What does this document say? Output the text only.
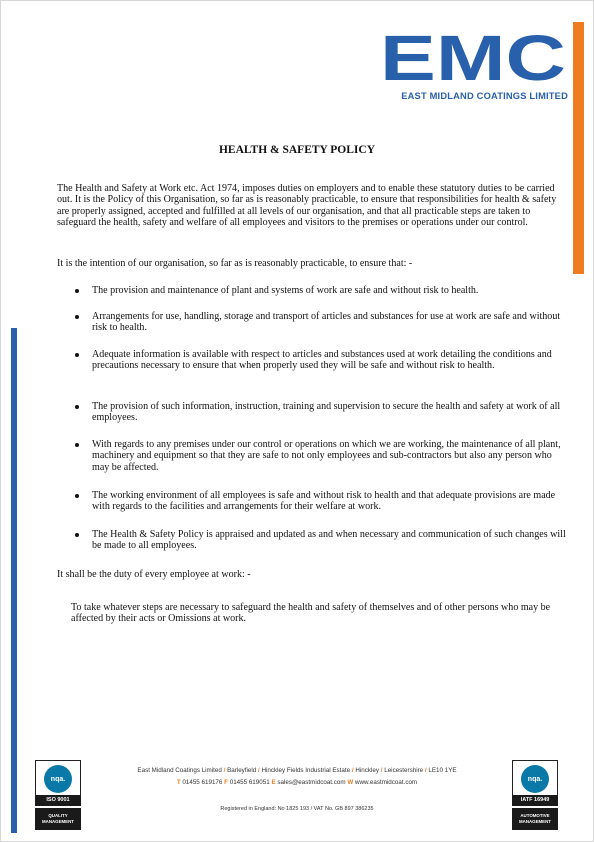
EMC
EAST MIDLAND COATINGS LIMITED
HEALTH & SAFETY POLICY

The Health and Safety at Work etc. Act 1974, imposes duties on employers and to enable these statutory duties to be carried out. It is the Policy of this Organisation, so far as is reasonably practicable, to ensure that responsibilities for health & safety are properly assigned, accepted and fulfilled at all levels of our organisation, and that all practicable steps are taken to safeguard the health, safety and welfare of all employees and visitors to the premises or operations under our control.

It is the intention of our organisation, so far as is reasonably practicable, to ensure that: -

The provision and maintenance of plant and systems of work are safe and without risk to health.
Arrangements for use, handling, storage and transport of articles and substances for use at work are safe and without risk to health.
Adequate information is available with respect to articles and substances used at work detailing the conditions and precautions necessary to ensure that when properly used they will be safe and without risk to health.
The provision of such information, instruction, training and supervision to secure the health and safety at work of all employees.
With regards to any premises under our control or operations on which we are working, the maintenance of all plant, machinery and equipment so that they are safe to not only employees and sub-contractors but also any person who may be affected.
The working environment of all employees is safe and without risk to health and that adequate provisions are made with regards to the facilities and arrangements for their welfare at work.
The Health & Safety Policy is appraised and updated as and when necessary and communication of such changes will be made to all employees.

It shall be the duty of every employee at work: -

To take whatever steps are necessary to safeguard the health and safety of themselves and of other persons who may be affected by their acts or Omissions at work.

nqa.
ISO 9001
QUALITY
MANAGEMENT
nqa.
IATF 16949
AUTOMOTIVE
MANAGEMENT
East Midland Coatings Limited / Barleyfield / Hinckley Fields Industrial Estate / Hinckley / Leicestershire / LE10 1YE
T 01455 619176 F 01455 619051 E sales@eastmidcoat.com W www.eastmidcoat.com
Registered in England: No 1825 193 / VAT No. GB 897 386235
